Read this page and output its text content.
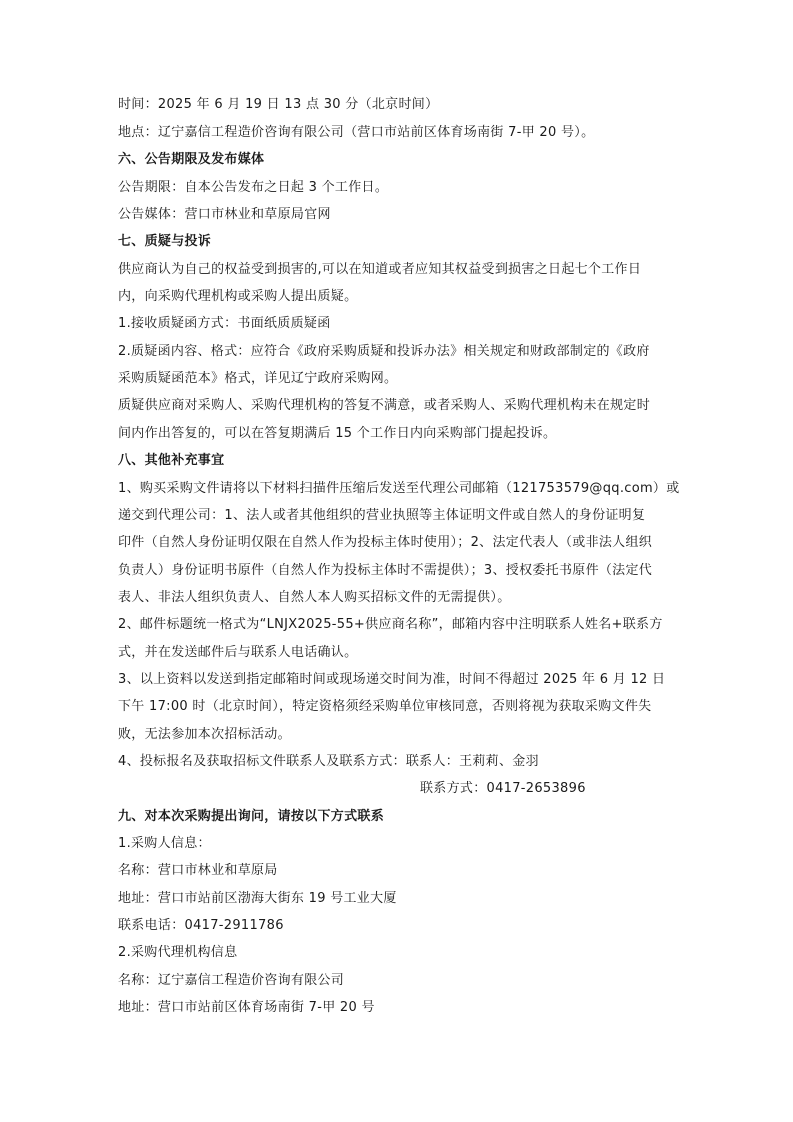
时间：2025 年 6 月 19 日 13 点 30 分（北京时间）
地点：辽宁嘉信工程造价咨询有限公司（营口市站前区体育场南街 7-甲 20 号）。
六、公告期限及发布媒体
公告期限：自本公告发布之日起 3 个工作日。
公告媒体：营口市林业和草原局官网
七、质疑与投诉
供应商认为自己的权益受到损害的,可以在知道或者应知其权益受到损害之日起七个工作日
内，向采购代理机构或采购人提出质疑。
1.接收质疑函方式：书面纸质质疑函
2.质疑函内容、格式：应符合《政府采购质疑和投诉办法》相关规定和财政部制定的《政府
采购质疑函范本》格式，详见辽宁政府采购网。
质疑供应商对采购人、采购代理机构的答复不满意，或者采购人、采购代理机构未在规定时
间内作出答复的，可以在答复期满后 15 个工作日内向采购部门提起投诉。
八、其他补充事宜
1、购买采购文件请将以下材料扫描件压缩后发送至代理公司邮箱（121753579@qq.com）或
递交到代理公司：1、法人或者其他组织的营业执照等主体证明文件或自然人的身份证明复
印件（自然人身份证明仅限在自然人作为投标主体时使用）；2、法定代表人（或非法人组织
负责人）身份证明书原件（自然人作为投标主体时不需提供）；3、授权委托书原件（法定代
表人、非法人组织负责人、自然人本人购买招标文件的无需提供）。
2、邮件标题统一格式为“LNJX2025-55+供应商名称”，邮箱内容中注明联系人姓名+联系方
式，并在发送邮件后与联系人电话确认。
3、以上资料以发送到指定邮箱时间或现场递交时间为准，时间不得超过 2025 年 6 月 12 日
下午 17:00 时（北京时间），特定资格须经采购单位审核同意，否则将视为获取采购文件失
败，无法参加本次招标活动。
4、投标报名及获取招标文件联系人及联系方式：联系人：王莉莉、金羽
联系方式：0417-2653896
九、对本次采购提出询问，请按以下方式联系
1.采购人信息：
名称：营口市林业和草原局
地址：营口市站前区渤海大街东 19 号工业大厦
联系电话：0417-2911786
2.采购代理机构信息
名称：辽宁嘉信工程造价咨询有限公司
地址：营口市站前区体育场南街 7-甲 20 号
